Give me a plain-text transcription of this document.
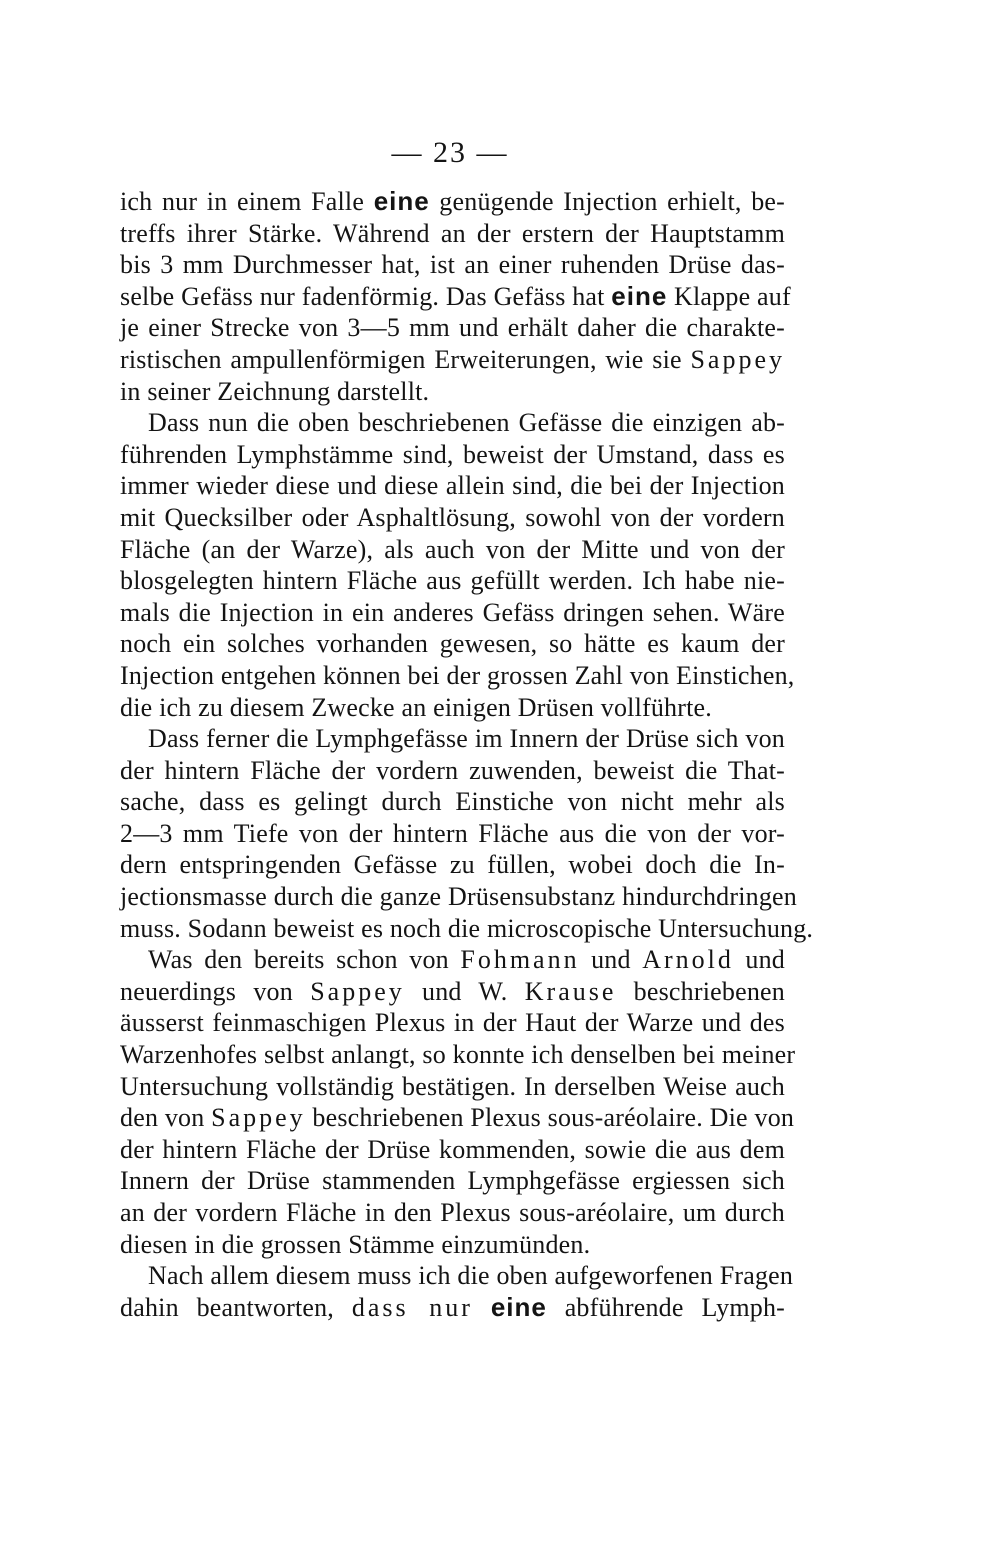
— 23 —
ich nur in einem Falle eine genügende Injection erhielt, be-
treffs ihrer Stärke. Während an der erstern der Hauptstamm
bis 3 mm Durchmesser hat, ist an einer ruhenden Drüse das-
selbe Gefäss nur fadenförmig. Das Gefäss hat eine Klappe auf
je einer Strecke von 3—5 mm und erhält daher die charakte-
ristischen ampullenförmigen Erweiterungen, wie sie Sappey
in seiner Zeichnung darstellt.
Dass nun die oben beschriebenen Gefässe die einzigen ab-
führenden Lymphstämme sind, beweist der Umstand, dass es
immer wieder diese und diese allein sind, die bei der Injection
mit Quecksilber oder Asphaltlösung, sowohl von der vordern
Fläche (an der Warze), als auch von der Mitte und von der
blosgelegten hintern Fläche aus gefüllt werden. Ich habe nie-
mals die Injection in ein anderes Gefäss dringen sehen. Wäre
noch ein solches vorhanden gewesen, so hätte es kaum der
Injection entgehen können bei der grossen Zahl von Einstichen,
die ich zu diesem Zwecke an einigen Drüsen vollführte.
Dass ferner die Lymphgefässe im Innern der Drüse sich von
der hintern Fläche der vordern zuwenden, beweist die That-
sache, dass es gelingt durch Einstiche von nicht mehr als
2—3 mm Tiefe von der hintern Fläche aus die von der vor-
dern entspringenden Gefässe zu füllen, wobei doch die In-
jectionsmasse durch die ganze Drüsensubstanz hindurchdringen
muss. Sodann beweist es noch die microscopische Untersuchung.
Was den bereits schon von Fohmann und Arnold und
neuerdings von Sappey und W. Krause beschriebenen
äusserst feinmaschigen Plexus in der Haut der Warze und des
Warzenhofes selbst anlangt, so konnte ich denselben bei meiner
Untersuchung vollständig bestätigen. In derselben Weise auch
den von Sappey beschriebenen Plexus sous-aréolaire. Die von
der hintern Fläche der Drüse kommenden, sowie die aus dem
Innern der Drüse stammenden Lymphgefässe ergiessen sich
an der vordern Fläche in den Plexus sous-aréolaire, um durch
diesen in die grossen Stämme einzumünden.
Nach allem diesem muss ich die oben aufgeworfenen Fragen
dahin beantworten, dass nur eine abführende Lymph-
